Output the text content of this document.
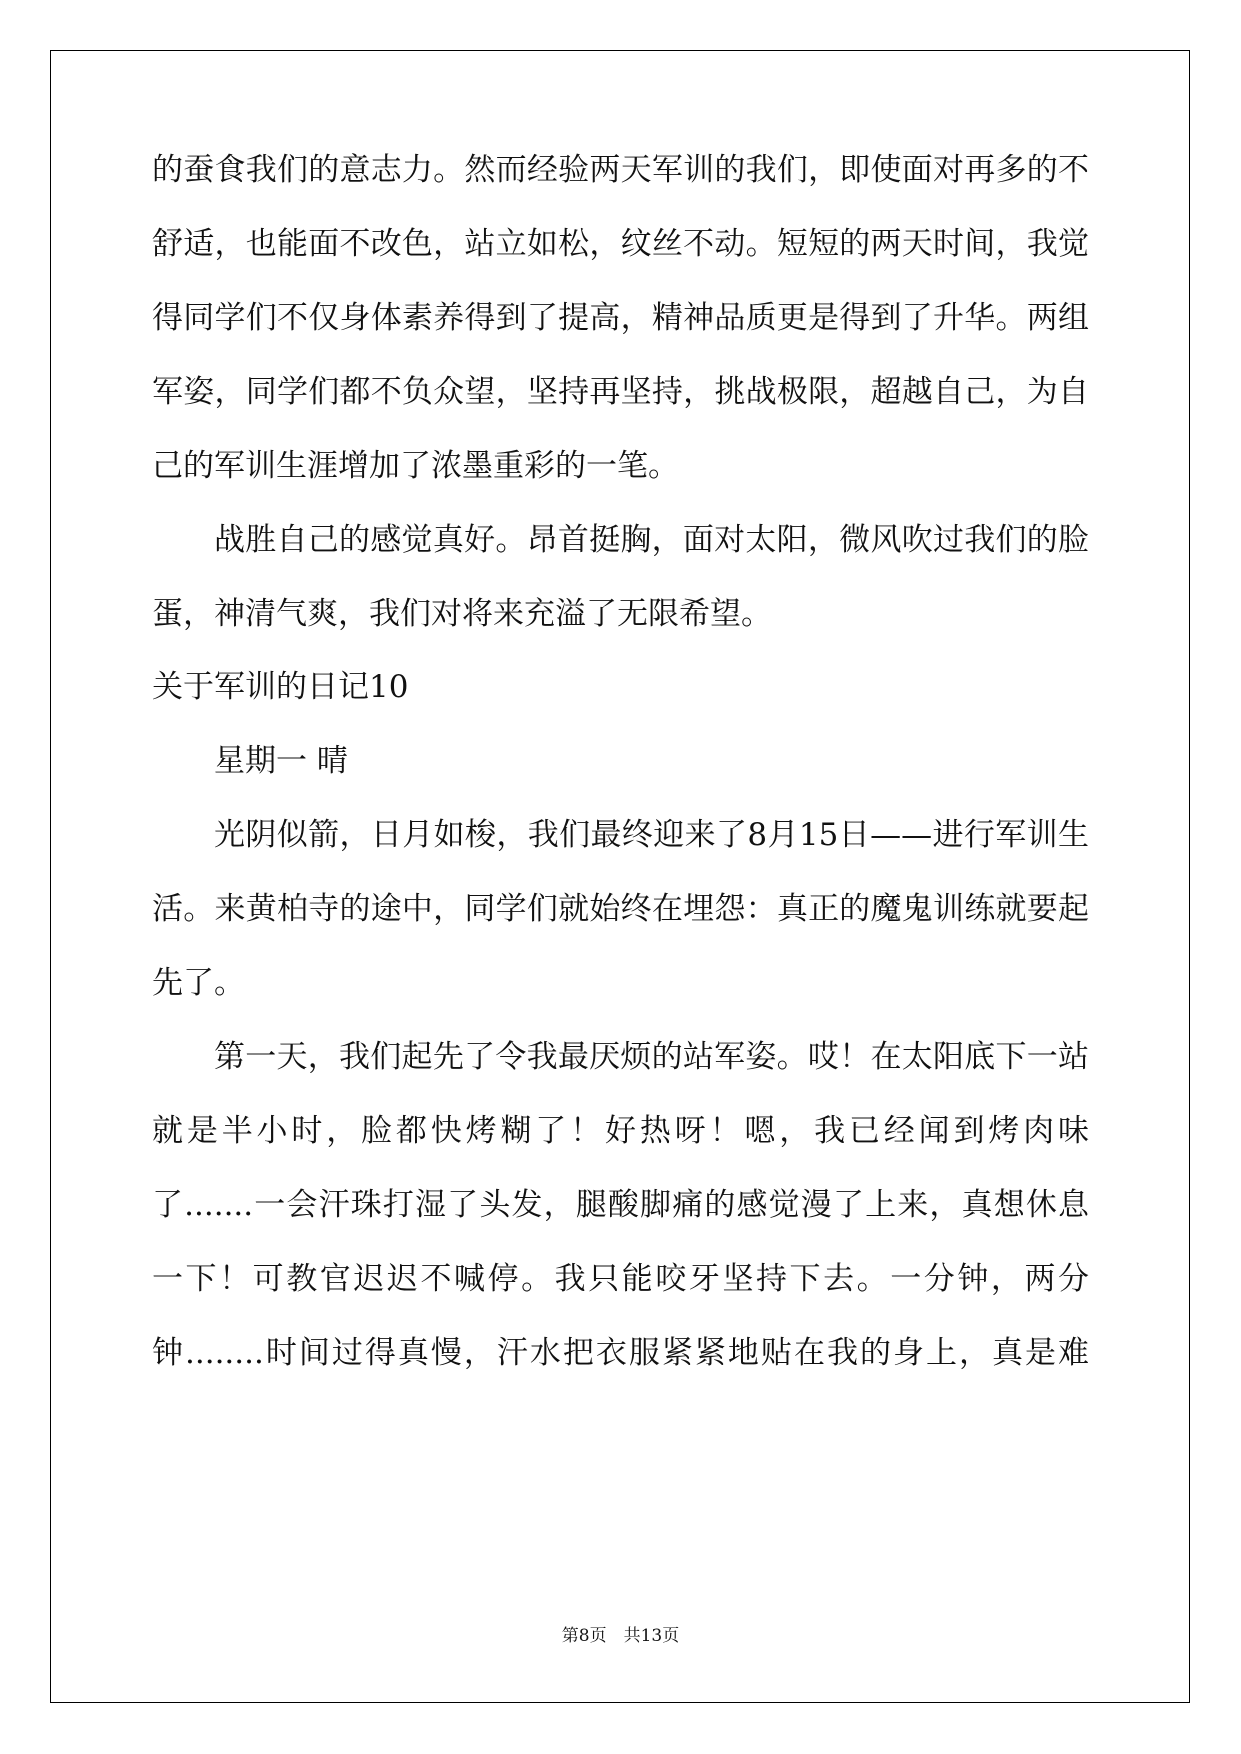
的蚕食我们的意志力。然而经验两天军训的我们，即使面对再多的不
舒适，也能面不改色，站立如松，纹丝不动。短短的两天时间，我觉
得同学们不仅身体素养得到了提高，精神品质更是得到了升华。两组
军姿，同学们都不负众望，坚持再坚持，挑战极限，超越自己，为自
己的军训生涯增加了浓墨重彩的一笔。
战胜自己的感觉真好。昂首挺胸，面对太阳，微风吹过我们的脸
蛋，神清气爽，我们对将来充溢了无限希望。
关于军训的日记10
星期一 晴
光阴似箭，日月如梭，我们最终迎来了8月15日——进行军训生
活。来黄柏寺的途中，同学们就始终在埋怨：真正的魔鬼训练就要起
先了。
第一天，我们起先了令我最厌烦的站军姿。哎！在太阳底下一站
就是半小时，脸都快烤糊了！好热呀！嗯，我已经闻到烤肉味
了.......一会汗珠打湿了头发，腿酸脚痛的感觉漫了上来，真想休息
一下！可教官迟迟不喊停。我只能咬牙坚持下去。一分钟，两分
钟........时间过得真慢，汗水把衣服紧紧地贴在我的身上，真是难
第8页　共13页
